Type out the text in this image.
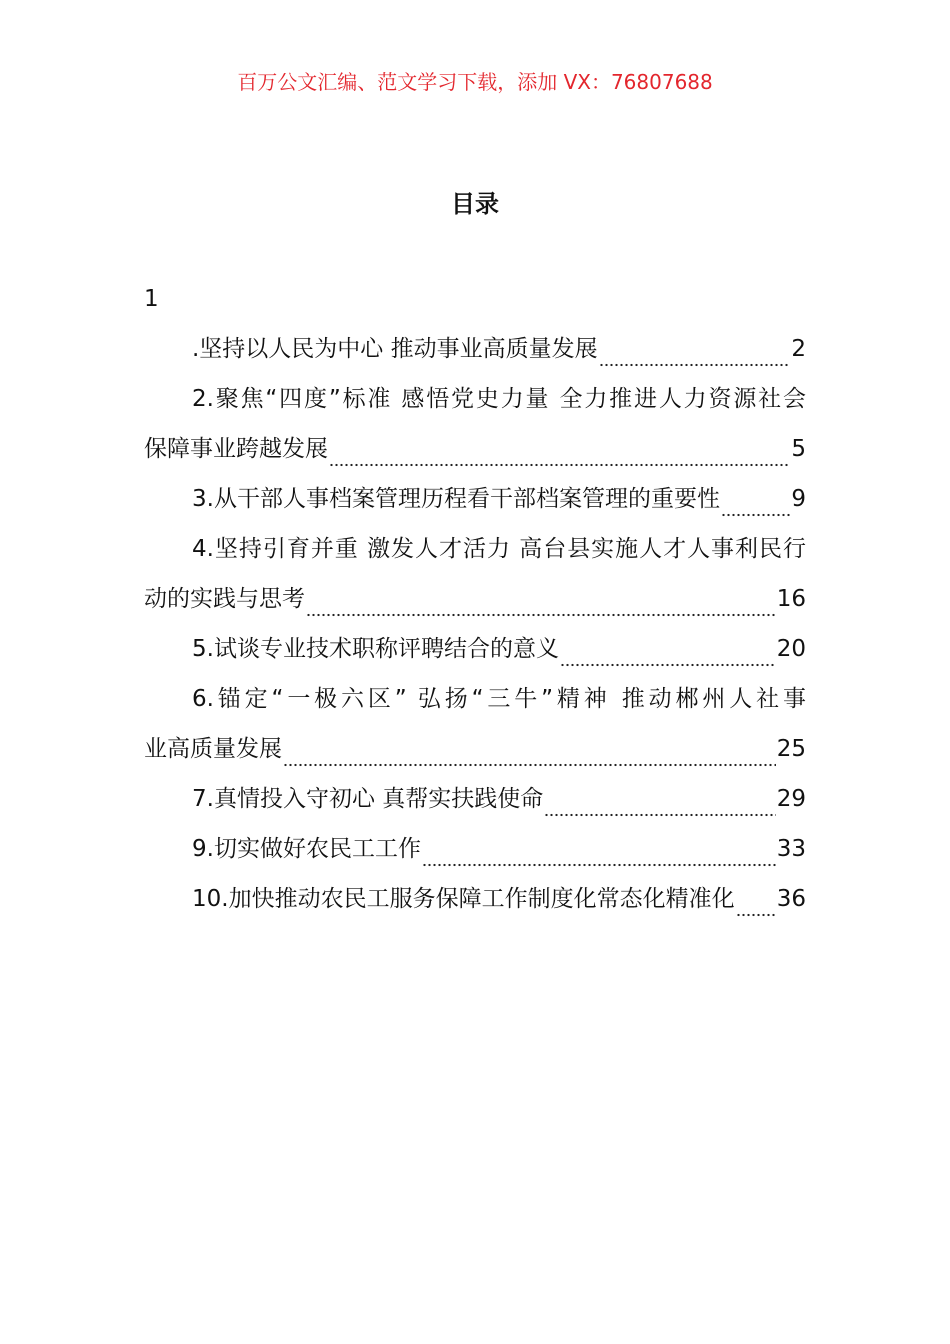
百万公文汇编、范文学习下载，添加 VX：76807688
目录
1
.坚持以人民为中心 推动事业高质量发展	2
2.聚焦“四度”标准 感悟党史力量 全力推进人力资源社会
保障事业跨越发展	5
3.从干部人事档案管理历程看干部档案管理的重要性	9
4.坚持引育并重 激发人才活力 高台县实施人才人事利民行
动的实践与思考	16
5.试谈专业技术职称评聘结合的意义	20
6.锚定“一极六区” 弘扬“三牛”精神 推动郴州人社事
业高质量发展	25
7.真情投入守初心 真帮实扶践使命	29
9.切实做好农民工工作	33
10.加快推动农民工服务保障工作制度化常态化精准化 36
